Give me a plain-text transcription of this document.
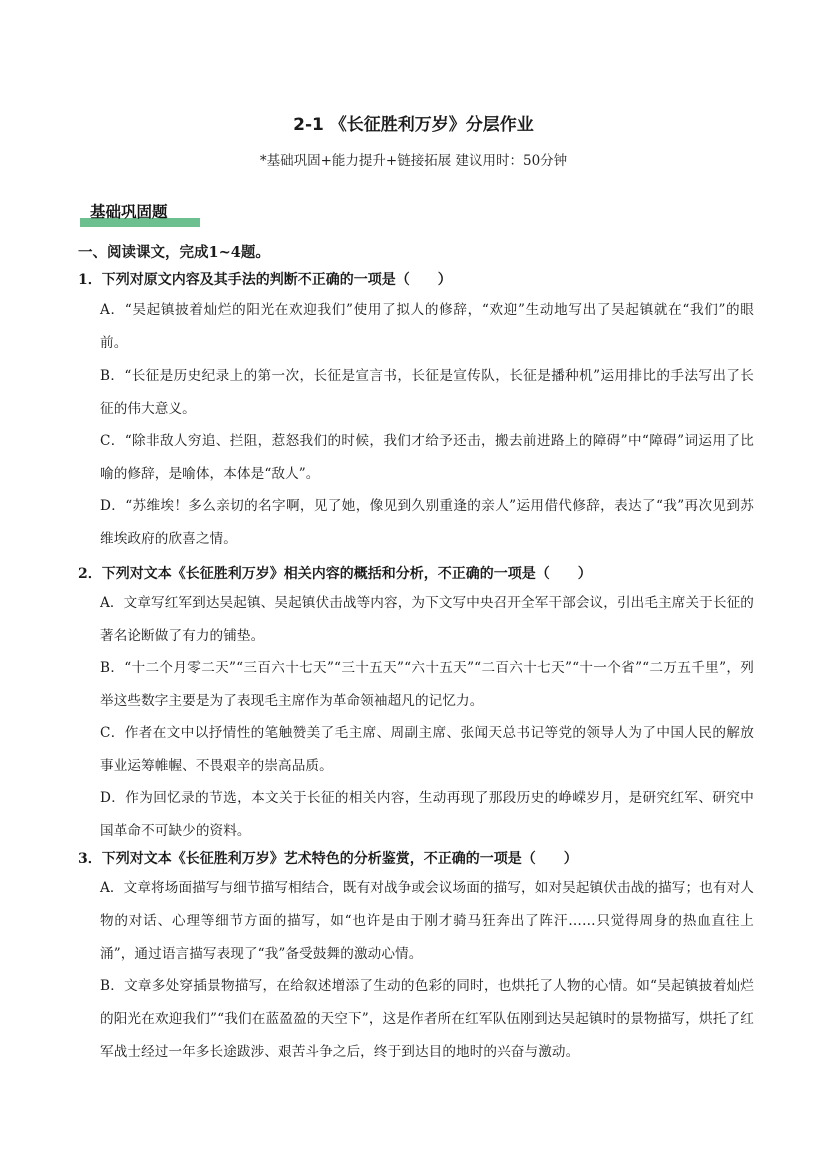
2-1 《长征胜利万岁》分层作业
*基础巩固+能力提升+链接拓展 建议用时：50分钟
基础巩固题
一、阅读课文，完成1~4题。
1．下列对原文内容及其手法的判断不正确的一项是（　　）
A．“吴起镇披着灿烂的阳光在欢迎我们”使用了拟人的修辞，“欢迎”生动地写出了吴起镇就在“我们”的眼前。
B．“长征是历史纪录上的第一次，长征是宣言书，长征是宣传队，长征是播种机”运用排比的手法写出了长征的伟大意义。
C．“除非敌人穷追、拦阻，惹怒我们的时候，我们才给予还击，搬去前进路上的障碍”中“障碍”词运用了比喻的修辞，是喻体，本体是“敌人”。
D．“苏维埃！多么亲切的名字啊，见了她，像见到久别重逢的亲人”运用借代修辞，表达了“我”再次见到苏维埃政府的欣喜之情。
2．下列对文本《长征胜利万岁》相关内容的概括和分析，不正确的一项是（　　）
A．文章写红军到达吴起镇、吴起镇伏击战等内容，为下文写中央召开全军干部会议，引出毛主席关于长征的著名论断做了有力的铺垫。
B．“十二个月零二天”“三百六十七天”“三十五天”“六十五天”“二百六十七天”“十一个省”“二万五千里”，列举这些数字主要是为了表现毛主席作为革命领袖超凡的记忆力。
C．作者在文中以抒情性的笔触赞美了毛主席、周副主席、张闻天总书记等党的领导人为了中国人民的解放事业运筹帷幄、不畏艰辛的崇高品质。
D．作为回忆录的节选，本文关于长征的相关内容，生动再现了那段历史的峥嵘岁月，是研究红军、研究中国革命不可缺少的资料。
3．下列对文本《长征胜利万岁》艺术特色的分析鉴赏，不正确的一项是（　　）
A．文章将场面描写与细节描写相结合，既有对战争或会议场面的描写，如对吴起镇伏击战的描写；也有对人物的对话、心理等细节方面的描写，如“也许是由于刚才骑马狂奔出了阵汗……只觉得周身的热血直往上涌”，通过语言描写表现了“我”备受鼓舞的激动心情。
B．文章多处穿插景物描写，在给叙述增添了生动的色彩的同时，也烘托了人物的心情。如“吴起镇披着灿烂的阳光在欢迎我们”“我们在蓝盈盈的天空下”，这是作者所在红军队伍刚到达吴起镇时的景物描写，烘托了红军战士经过一年多长途跋涉、艰苦斗争之后，终于到达目的地时的兴奋与激动。
